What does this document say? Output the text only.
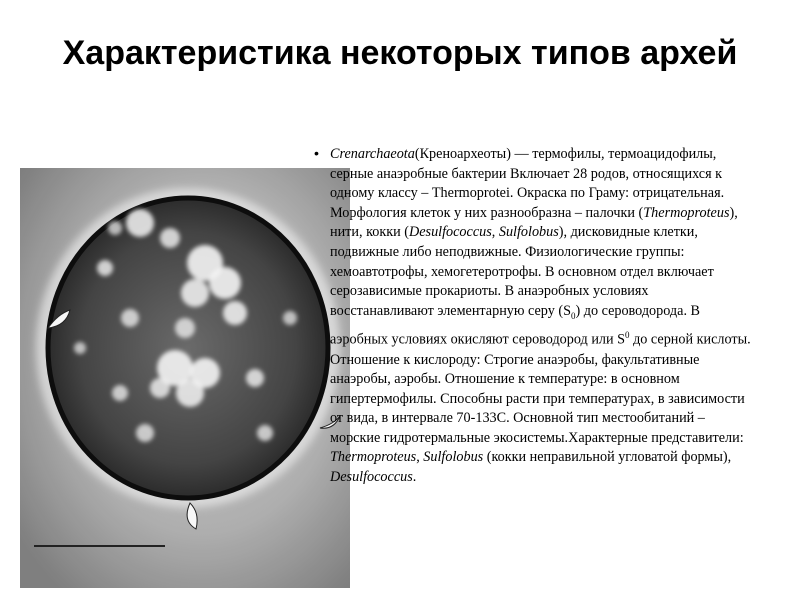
Характеристика некоторых типов архей

• Crenarchaeota(Креноархеоты) — термофилы, термоацидофилы, серные анаэробные бактерии Включает 28 родов, относящихся к одному классу – Thermoprotei. Окраска по Граму: отрицательная. Морфология клеток у них разнообразна – палочки (Thermoproteus), нити, кокки (Desulfococcus, Sulfolobus), дисковидные клетки, подвижные либо неподвижные. Физиологические группы: хемоавтотрофы, хемогетеротрофы. В основном отдел включает серозависимые прокариоты. В анаэробных условиях восстанавливают элементарную серу $(S_0)$ до сероводорода. В аэробных условиях окисляют сероводород или $S^0$ до серной кислоты. Отношение к кислороду: Строгие анаэробы, факультативные анаэробы, аэробы. Отношение к температуре: в основном гипертермофилы. Способны расти при температурах, в зависимости от вида, в интервале 70-133С. Основной тип местообитаний – морские гидротермальные экосистемы.Характерные представители: Thermoproteus, Sulfolobus (кокки неправильной угловатой формы), Desulfococcus.
